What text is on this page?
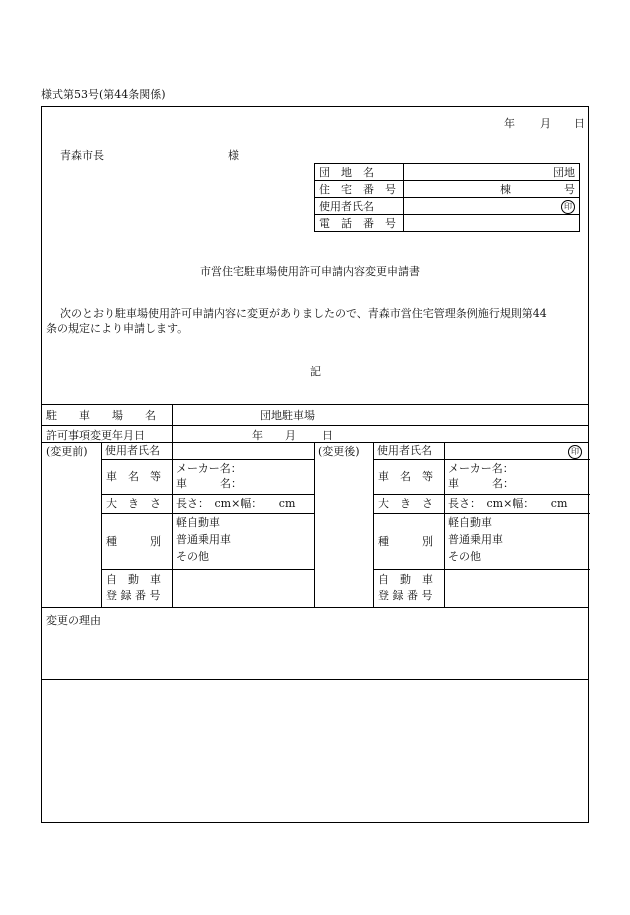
様式第53号(第44条関係)
年 月 日
青森市長	様
団　地　名	団地
住　宅　番　号	棟 号

使用者氏名	印
電　話　番　号	
市営住宅駐車場使用許可申請内容変更申請書
次のとおり駐車場使用許可申請内容に変更がありましたので、青森市営住宅管理条例施行規則第44
条の規定により申請します。
記
駐　　車　　場　　名	団地駐車場
許可事項変更年月日	年 月 日
(変更前) 使用者氏名
車　名　等
メーカー名：
車　　　名：
大　き　さ 長さ：　cm×幅：　　cm
種　　　別
軽自動車
普通乗用車
その他
自　動　車
登 録 番 号
(変更後) 使用者氏名	印
車　名　等
メーカー名：
車　　　名：
大　き　さ 長さ：　cm×幅：　　cm
種　　　別
軽自動車
普通乗用車
その他
自　動　車
登 録 番 号
変更の理由
